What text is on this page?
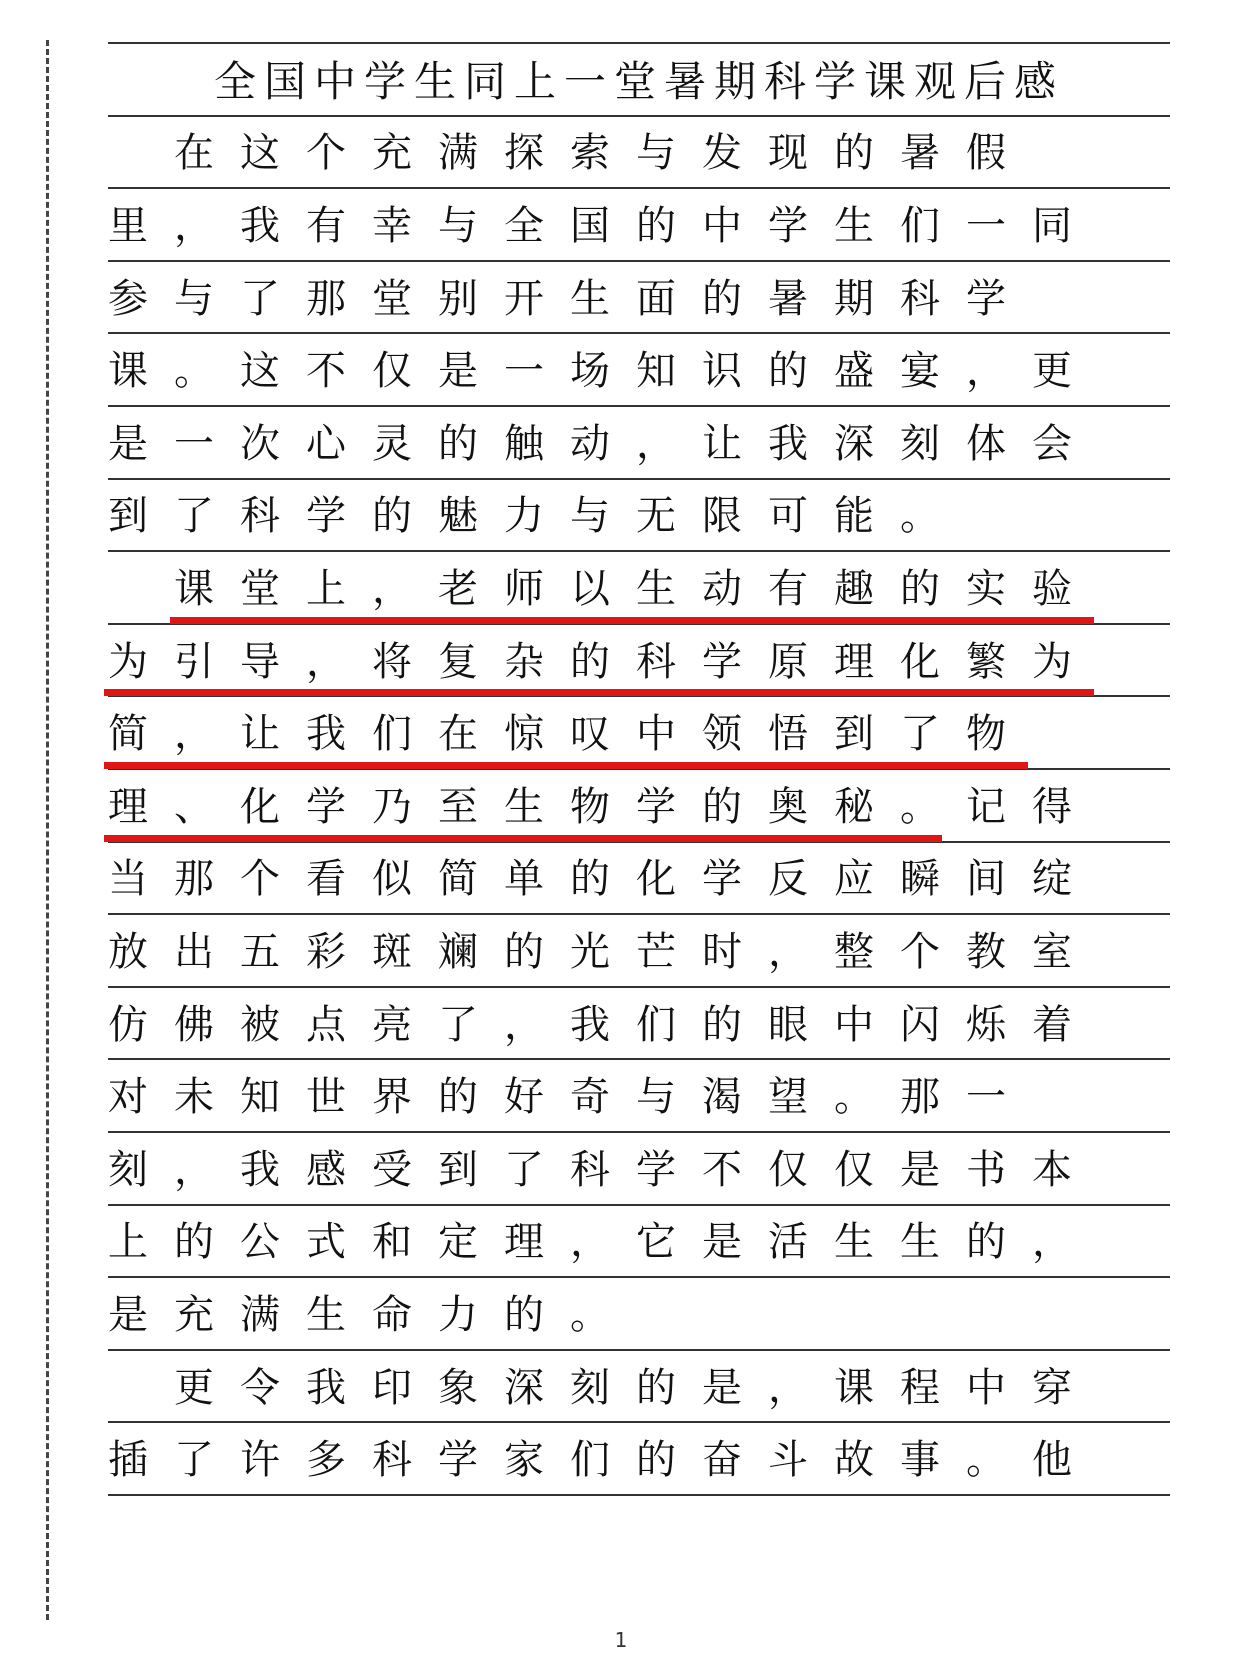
全国中学生同上一堂暑期科学课观后感
在这个充满探索与发现的暑假
里，我有幸与全国的中学生们一同
参与了那堂别开生面的暑期科学
课。这不仅是一场知识的盛宴，更
是一次心灵的触动，让我深刻体会
到了科学的魅力与无限可能。
课堂上，老师以生动有趣的实验
为引导，将复杂的科学原理化繁为
简，让我们在惊叹中领悟到了物
理、化学乃至生物学的奥秘。记得
当那个看似简单的化学反应瞬间绽
放出五彩斑斓的光芒时，整个教室
仿佛被点亮了，我们的眼中闪烁着
对未知世界的好奇与渴望。那一
刻，我感受到了科学不仅仅是书本
上的公式和定理，它是活生生的，
是充满生命力的。
更令我印象深刻的是，课程中穿
插了许多科学家们的奋斗故事。他
1
